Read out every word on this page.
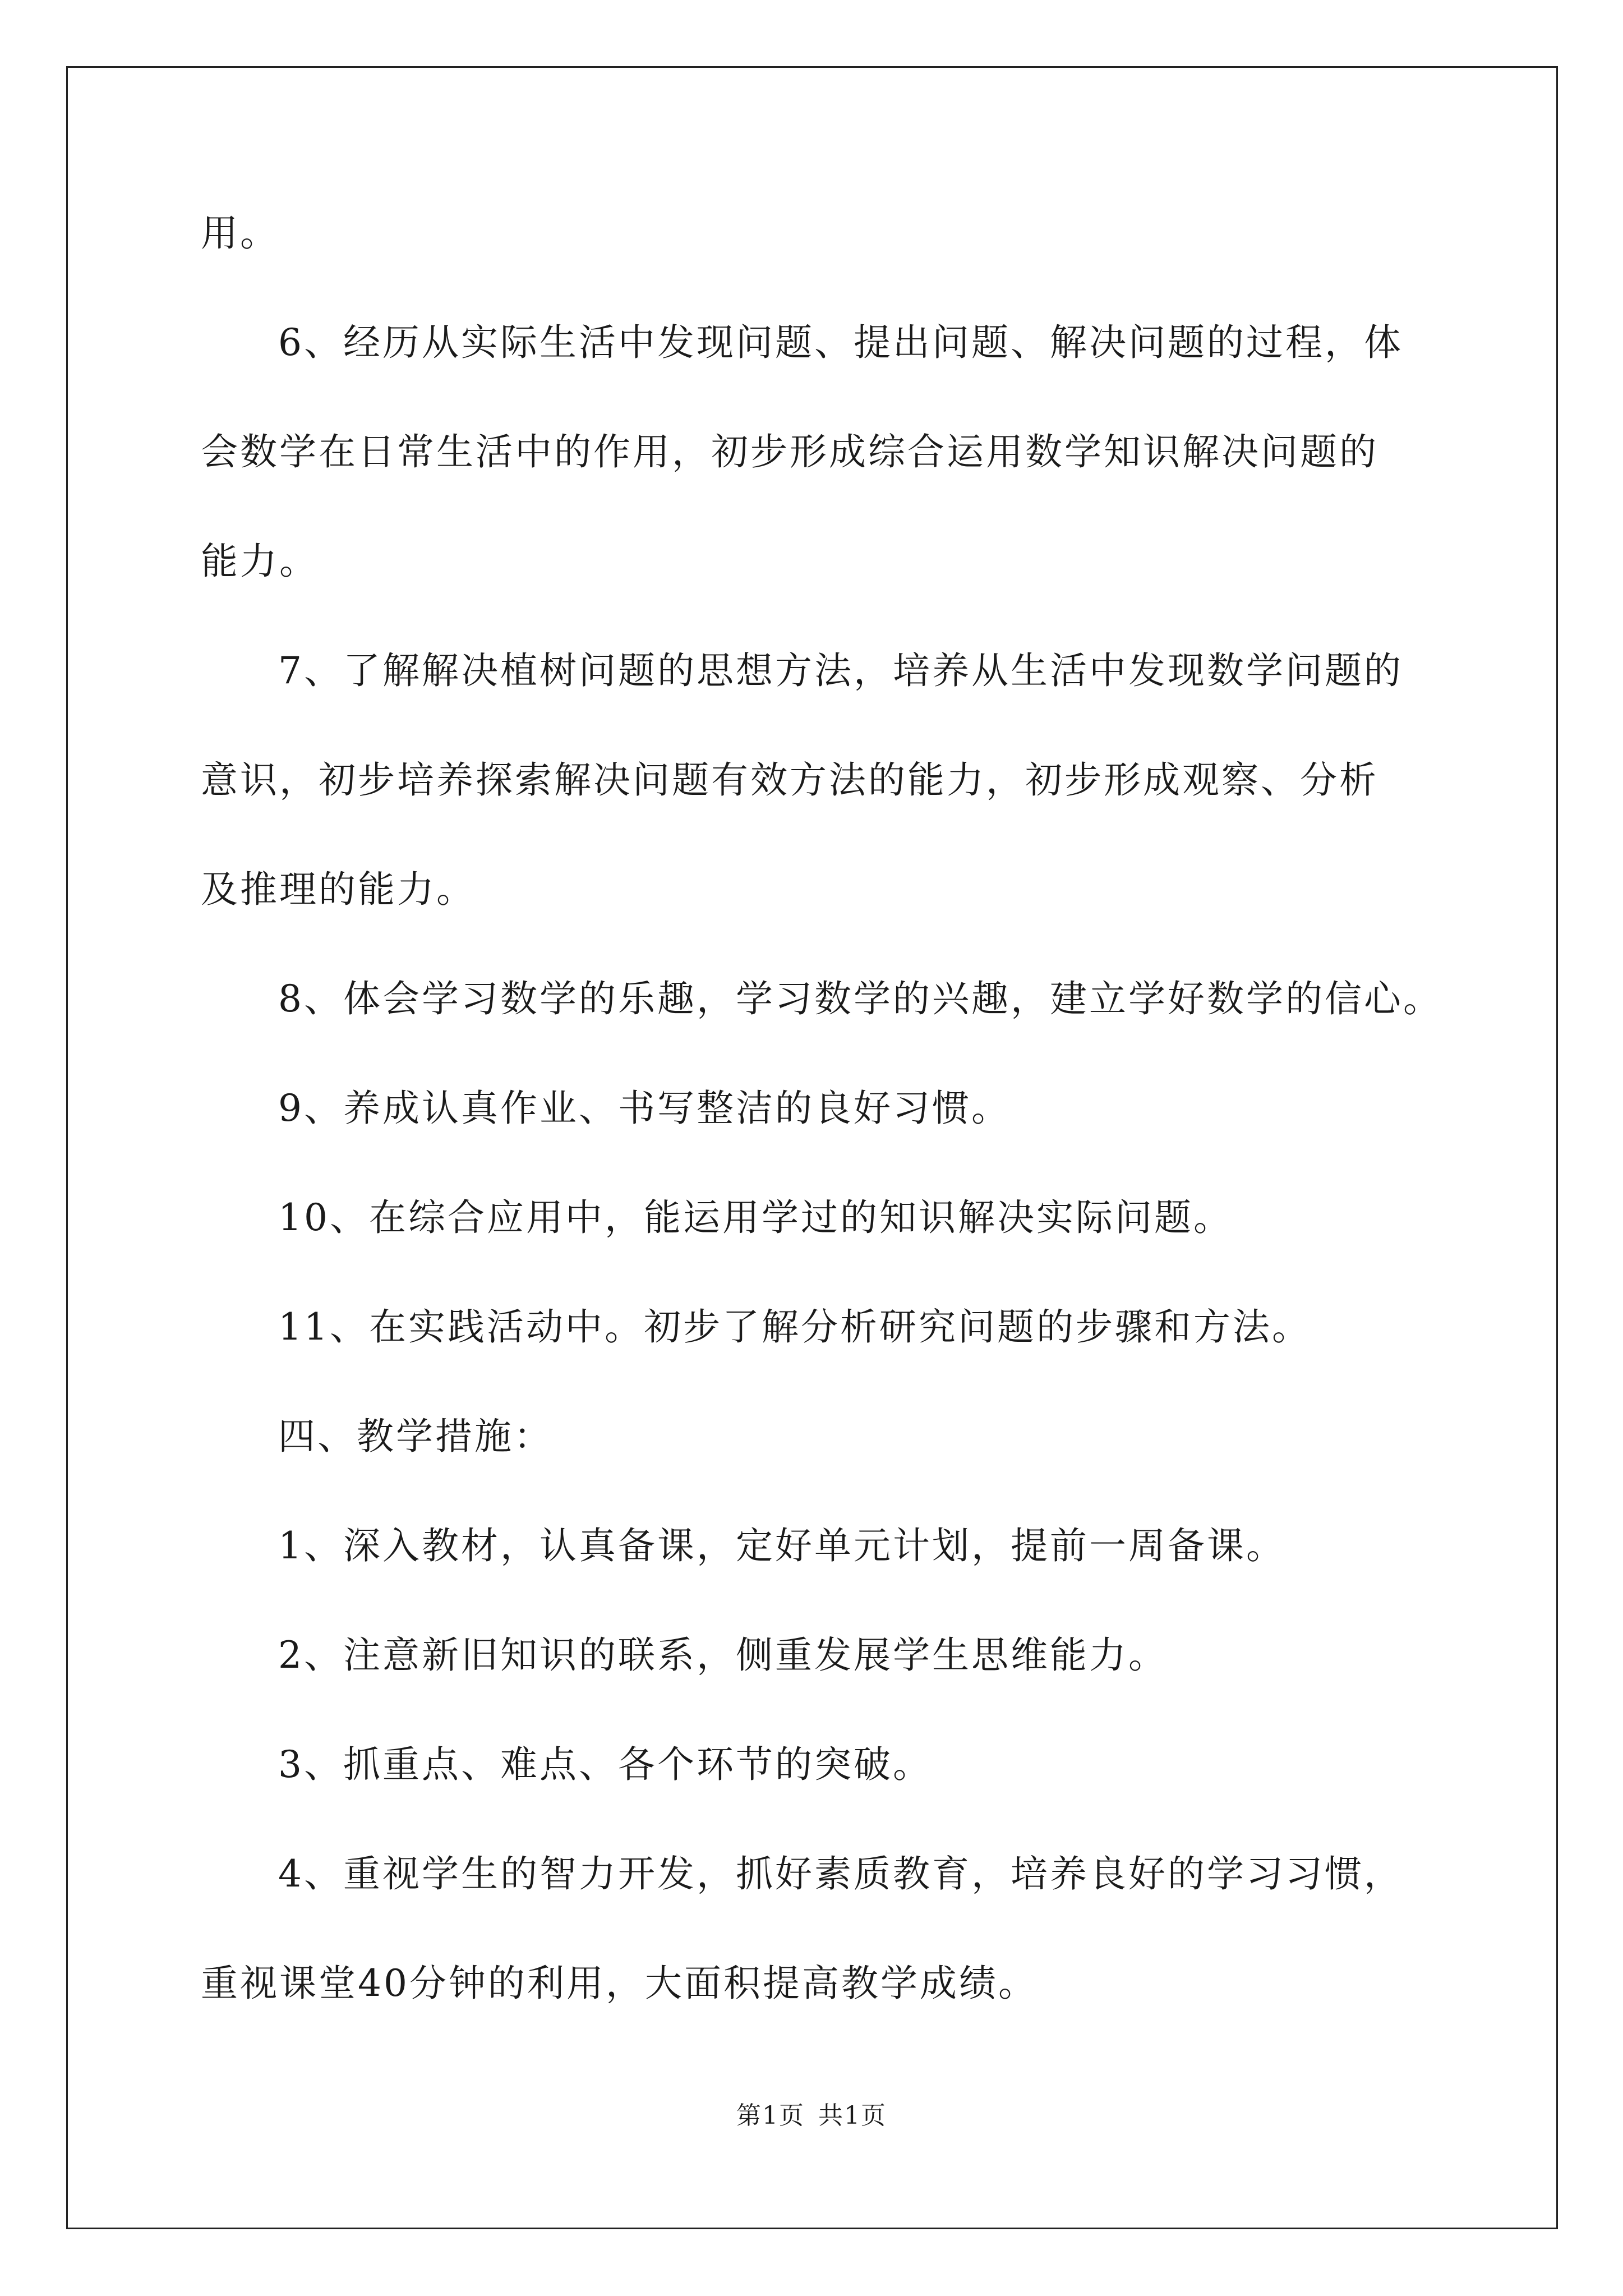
用。
6、经历从实际生活中发现问题、提出问题、解决问题的过程，体
会数学在日常生活中的作用，初步形成综合运用数学知识解决问题的
能力。
7、了解解决植树问题的思想方法，培养从生活中发现数学问题的
意识，初步培养探索解决问题有效方法的能力，初步形成观察、分析
及推理的能力。
8、体会学习数学的乐趣，学习数学的兴趣，建立学好数学的信心。
9、养成认真作业、书写整洁的良好习惯。
10、在综合应用中，能运用学过的知识解决实际问题。
11、在实践活动中。初步了解分析研究问题的步骤和方法。
四、教学措施：
1、深入教材，认真备课，定好单元计划，提前一周备课。
2、注意新旧知识的联系，侧重发展学生思维能力。
3、抓重点、难点、各个环节的突破。
4、重视学生的智力开发，抓好素质教育，培养良好的学习习惯，
重视课堂40分钟的利用，大面积提高教学成绩。
第1页 共1页
